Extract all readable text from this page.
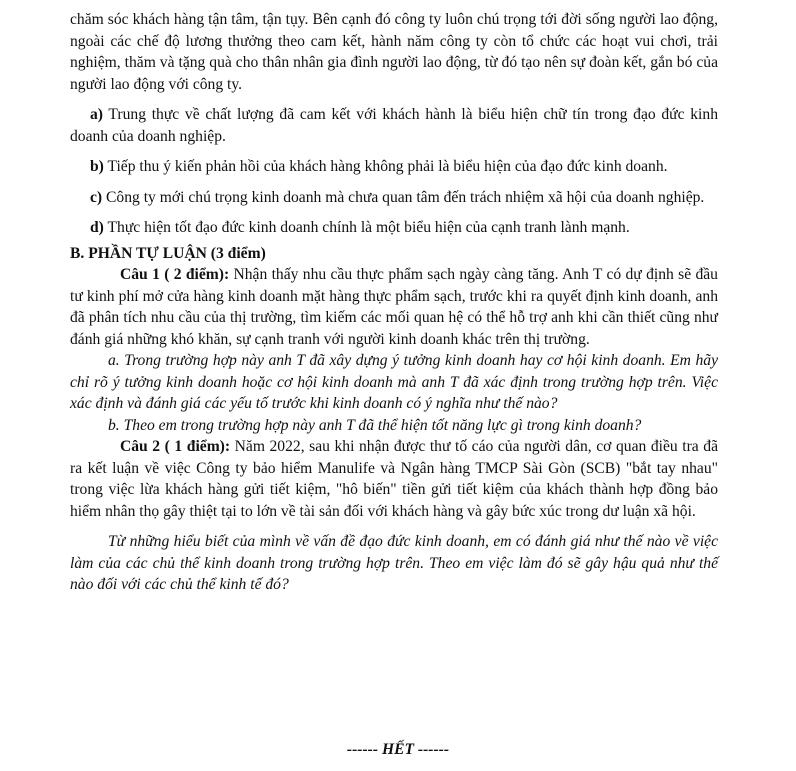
chăm sóc khách hàng tận tâm, tận tụy. Bên cạnh đó công ty luôn chú trọng tới đời sống người lao động, ngoài các chế độ lương thưởng theo cam kết, hành năm công ty còn tổ chức các hoạt vui chơi, trải nghiệm, thăm và tặng quà cho thân nhân gia đình người lao động, từ đó tạo nên sự đoàn kết, gắn bó của người lao động với công ty.

a) Trung thực về chất lượng đã cam kết với khách hành là biểu hiện chữ tín trong đạo đức kinh doanh của doanh nghiệp.

b) Tiếp thu ý kiến phản hồi của khách hàng không phải là biểu hiện của đạo đức kinh doanh.

c) Công ty mới chú trọng kinh doanh mà chưa quan tâm đến trách nhiệm xã hội của doanh nghiệp.

d) Thực hiện tốt đạo đức kinh doanh chính là một biểu hiện của cạnh tranh lành mạnh.

B. PHẦN TỰ LUẬN (3 điểm)

Câu 1 ( 2 điểm): Nhận thấy nhu cầu thực phẩm sạch ngày càng tăng. Anh T có dự định sẽ đầu tư kinh phí mở cửa hàng kinh doanh mặt hàng thực phẩm sạch, trước khi ra quyết định kinh doanh, anh đã phân tích nhu cầu của thị trường, tìm kiếm các mối quan hệ có thể hỗ trợ anh khi cần thiết cũng như đánh giá những khó khăn, sự cạnh tranh với người kinh doanh khác trên thị trường.

a. Trong trường hợp này anh T đã xây dựng ý tưởng kinh doanh hay cơ hội kinh doanh. Em hãy chỉ rõ ý tưởng kinh doanh hoặc cơ hội kinh doanh mà anh T đã xác định trong trường hợp trên. Việc xác định và đánh giá các yếu tố trước khi kinh doanh có ý nghĩa như thế nào?

b. Theo em trong trường hợp này anh T đã thể hiện tốt năng lực gì trong kinh doanh?

Câu 2 ( 1 điểm): Năm 2022, sau khi nhận được thư tố cáo của người dân, cơ quan điều tra đã ra kết luận về việc Công ty bảo hiểm Manulife và Ngân hàng TMCP Sài Gòn (SCB) "bắt tay nhau" trong việc lừa khách hàng gửi tiết kiệm, "hô biến" tiền gửi tiết kiệm của khách thành hợp đồng bảo hiểm nhân thọ gây thiệt tại to lớn về tài sản đối với khách hàng và gây bức xúc trong dư luận xã hội.

Từ những hiểu biết của mình về vấn đề đạo đức kinh doanh, em có đánh giá như thế nào về việc làm của các chủ thể kinh doanh trong trường hợp trên. Theo em việc làm đó sẽ gây hậu quả như thế nào đối với các chủ thể kinh tế đó?

------ HẾT ------
